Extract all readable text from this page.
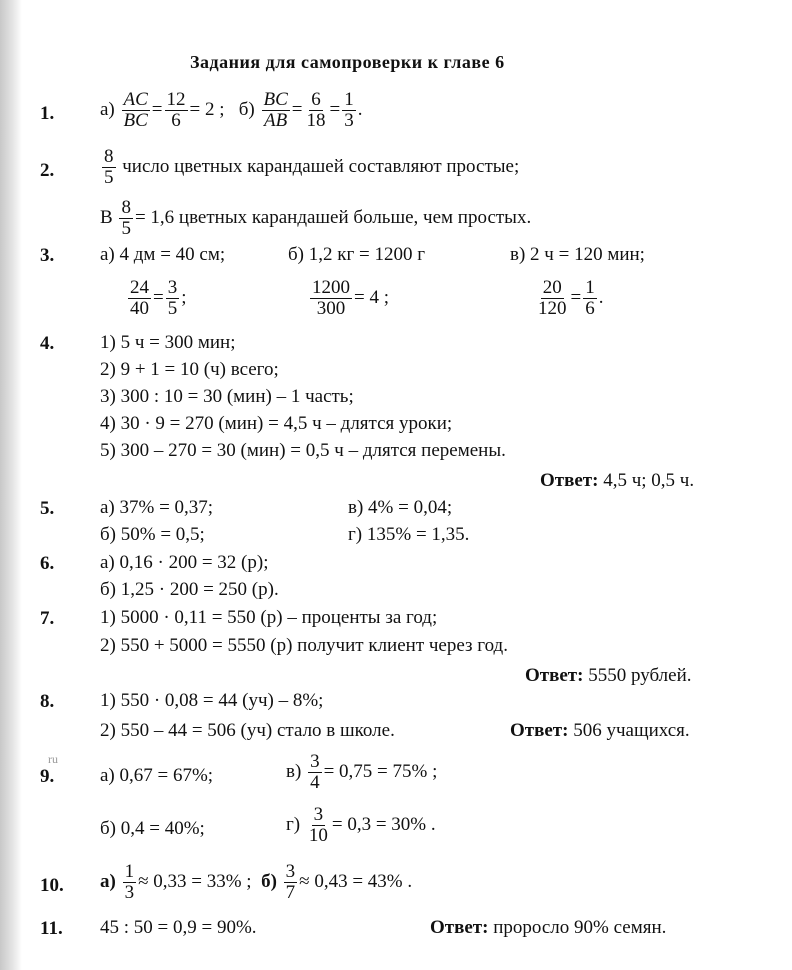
Задания для самопроверки к главе 6
1. $а) \frac{AC}{BC} = \frac{12}{6} = 2$ ; $б) \frac{BC}{AB} = \frac{6}{18} = \frac{1}{3}$ .
2.	$\frac{8}{5}$ число цветных карандашей составляют простые;
В $\frac{8}{5} = 1,6$ цветных карандашей больше, чем простых.
3. а) 4 дм = 40 см;	б) 1,2 кг = 1200 г	в) 2 ч = 120 мин;
$\frac{24}{40} = \frac{3}{5}$ ;	$\frac{1200}{300} = 4$ ;	$\frac{20}{120} = \frac{1}{6}$ .
4. 1) 5 ч = 300 мин;
2) 9 + 1 = 10 (ч) всего;
3) 300 : 10 = 30 (мин) – 1 часть;
4) 30 · 9 = 270 (мин) = 4,5 ч – длятся уроки;
5) 300 – 270 = 30 (мин) = 0,5 ч – длятся перемены.
Ответ: 4,5 ч; 0,5 ч.
5. а) 37% = 0,37;	в) 4% = 0,04;
б) 50% = 0,5;	г) 135% = 1,35.
6. а) 0,16 · 200 = 32 (р);
б) 1,25 · 200 = 250 (р).
7. 1) 5000 · 0,11 = 550 (р) – проценты за год;
2) 550 + 5000 = 5550 (р) получит клиент через год.
Ответ: 5550 рублей.
8. 1) 550 · 0,08 = 44 (уч) – 8%;
2) 550 – 44 = 506 (уч) стало в школе.	Ответ: 506 учащихся.
ru
9. а) 0,67 = 67%;	$в) \frac{3}{4} = 0,75 = 75\%$ ;
б) 0,4 = 40%;	$г) \frac{3}{10} = 0,3 = 30\%$ .
10. $а) \frac{1}{3} \approx 0,33 = 33\%$ ; $б) \frac{3}{7} \approx 0,43 = 43\%$ .
11. 45 : 50 = 0,9 = 90%.	Ответ: проросло 90% семян.
